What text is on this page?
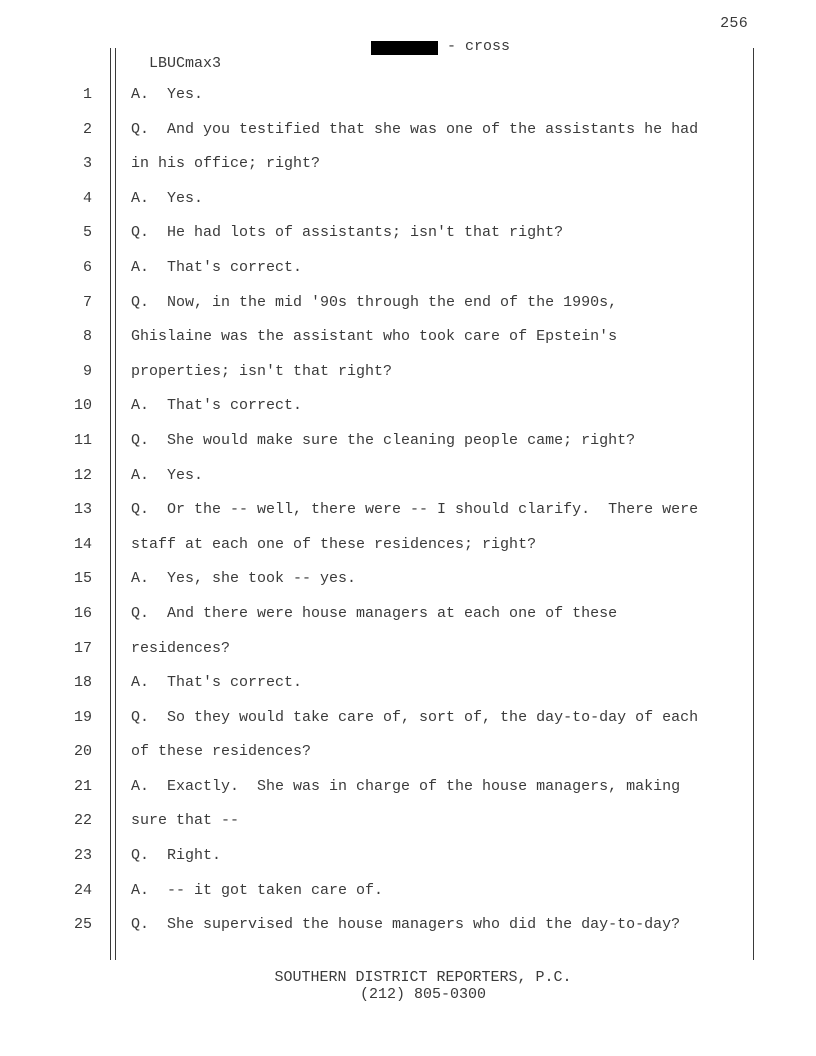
256

LBUCmax3

- cross

1	A.  Yes.
2	Q.  And you testified that she was one of the assistants he had
3	in his office; right?
4	A.  Yes.
5	Q.  He had lots of assistants; isn't that right?
6	A.  That's correct.
7	Q.  Now, in the mid '90s through the end of the 1990s,
8	Ghislaine was the assistant who took care of Epstein's
9	properties; isn't that right?
10	A.  That's correct.
11	Q.  She would make sure the cleaning people came; right?
12	A.  Yes.
13	Q.  Or the -- well, there were -- I should clarify.  There were
14	staff at each one of these residences; right?
15	A.  Yes, she took -- yes.
16	Q.  And there were house managers at each one of these
17	residences?
18	A.  That's correct.
19	Q.  So they would take care of, sort of, the day-to-day of each
20	of these residences?
21	A.  Exactly.  She was in charge of the house managers, making
22	sure that --
23	Q.  Right.
24	A.  -- it got taken care of.
25	Q.  She supervised the house managers who did the day-to-day?
SOUTHERN DISTRICT REPORTERS, P.C.
(212) 805-0300
